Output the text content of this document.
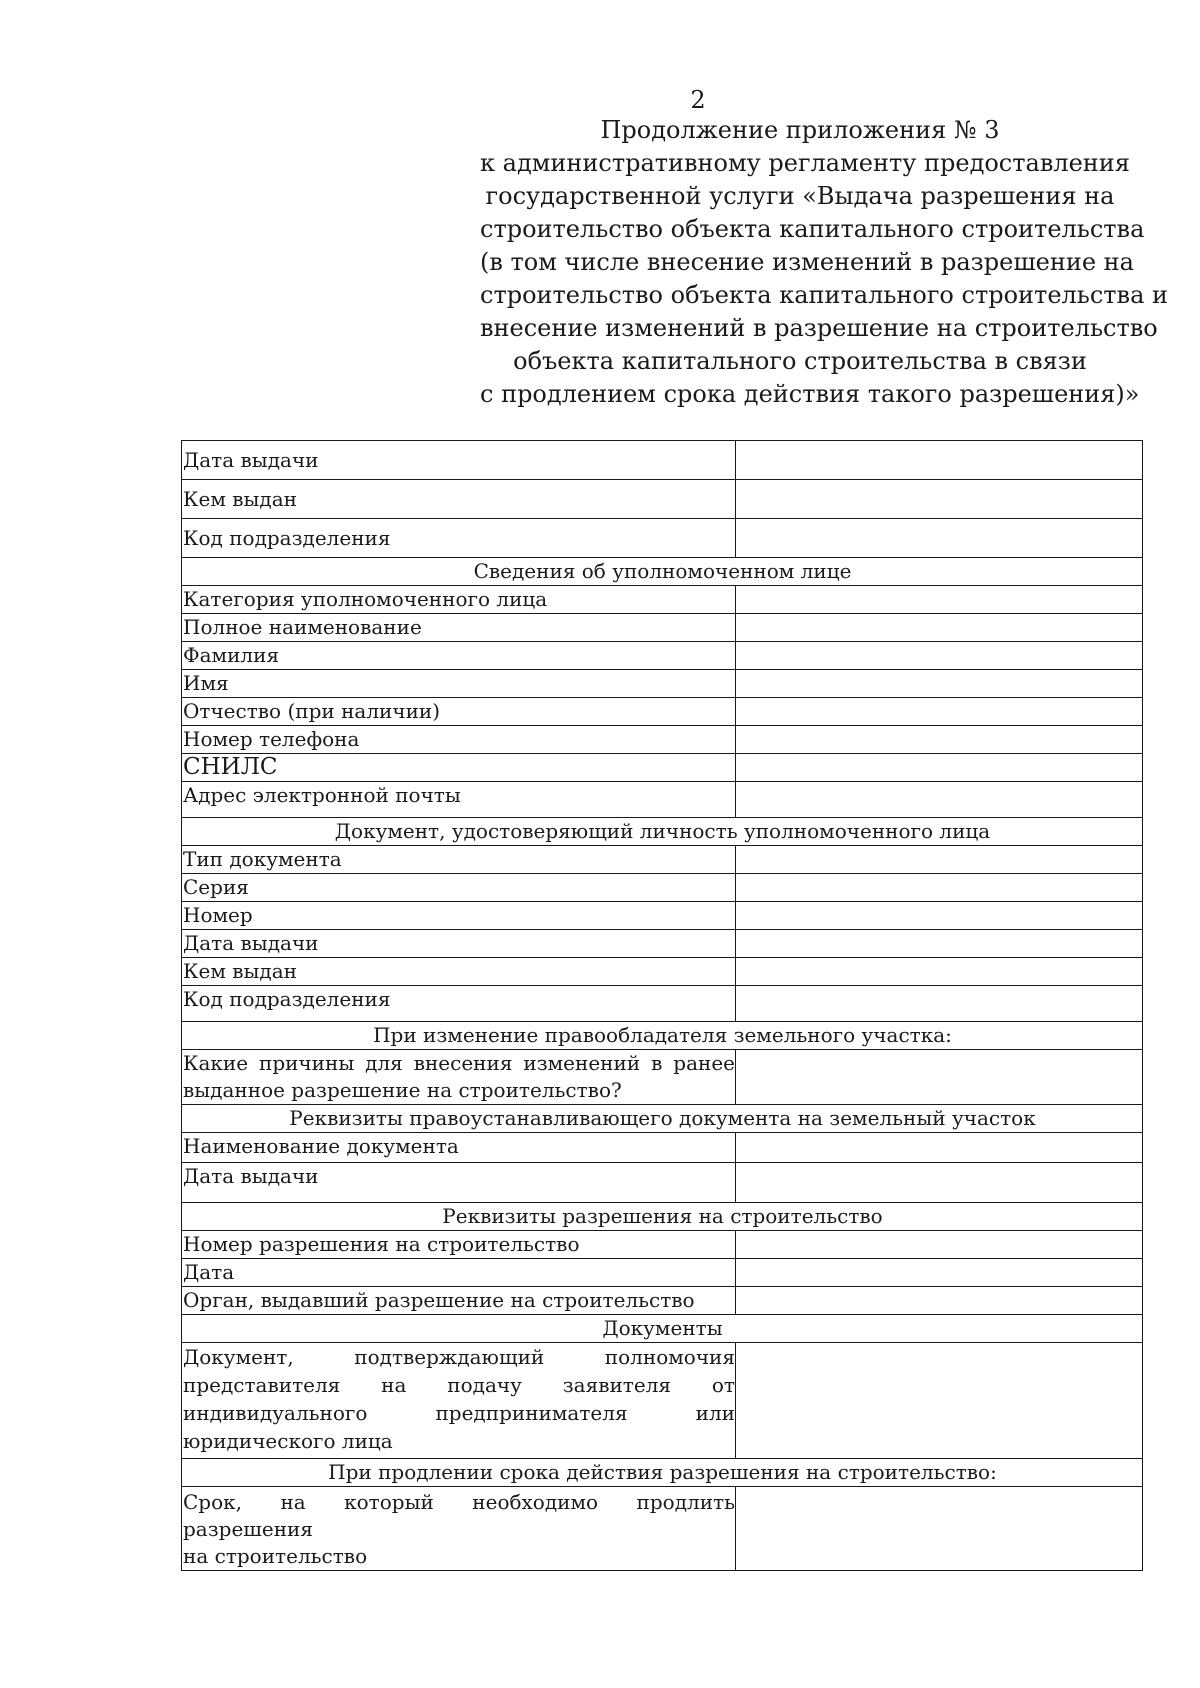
2
Продолжение приложения № 3
к административному регламенту предоставления
государственной услуги «Выдача разрешения на
строительство объекта капитального строительства
(в том числе внесение изменений в разрешение на
строительство объекта капитального строительства и
внесение изменений в разрешение на строительство
объекта капитального строительства в связи
с продлением срока действия такого разрешения)»
Дата выдачи	
Кем выдан	
Код подразделения	
Сведения об уполномоченном лице	
Категория уполномоченного лица	
Полное наименование	
Фамилия	
Имя	
Отчество (при наличии)	
Номер телефона	
СНИЛС	
Адрес электронной почты	
Документ, удостоверяющий личность уполномоченного лица	
Тип документа	
Серия	
Номер	
Дата выдачи	
Кем выдан	
Код подразделения	
При изменение правообладателя земельного участка:	

Какие причины для внесения изменений в ранее
выданное разрешение на строительство?	
Реквизиты правоустанавливающего документа на земельный участок	
Наименование документа	
Дата выдачи	
Реквизиты разрешения на строительство	
Номер разрешения на строительство	
Дата	
Орган, выдавший разрешение на строительство	
Документы	

Документ, подтверждающий полномочия
представителя на подачу заявителя от
индивидуального предпринимателя или
юридического лица	
При продлении срока действия разрешения на строительство:	

Срок, на который необходимо продлить разрешения
на строительство	
